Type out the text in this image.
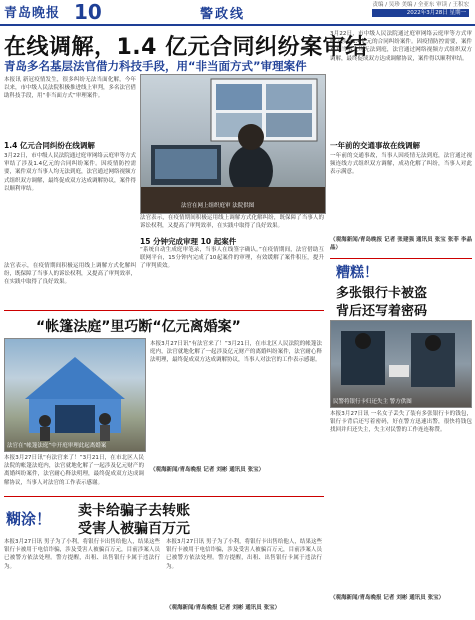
青岛晚报 10	警政线
责编 / 吴珍 美编 / 全亚东 审读 / 王积宏
2022年3月28日 星期一
在线调解，1.4 亿元合同纠纷案审结
青岛多名基层法官借力科技手段，用“非当面方式”审理案件
本报讯 新冠疫情发生，很多纠纷无法当面化解，今年以来，市中级人民法院积极推进线上审判，多名法官借助科技手段，用“非当面方式”审理案件。
1.4 亿元合同纠纷在线调解
3月22日，市中级人民法院通过庭审网络云庭审等方式审结了涉及1.4亿元的合同纠纷案件。因疫情防控需要，案件双方当事人均无法到庭，法官通过网络视频方式组织双方调解，最终促成双方达成调解协议，案件得以顺利审结。
法官在网上组织庭审 法院供图
法官表示，在疫情期间积极运用线上调解方式化解纠纷，既保障了当事人的诉讼权利，又提高了审判效率，在实践中取得了良好效果。
15 分钟完成审理 10 起案件
“系统自动生成庭审笔录，当事人在线签字确认。”在疫情期间，法官借助互联网平台，15分钟内完成了10起案件的审理，有效缓解了案件积压，提升了审判质效。
3月22日，市中级人民法院通过庭审网络云庭审等方式审结了涉及1.4亿元的合同纠纷案件。因疫情防控需要，案件双方当事人均无法到庭，法官通过网络视频方式组织双方调解，最终促成双方达成调解协议，案件得以顺利审结。
一年前的交通事故在线调解
一年前的交通事故，当事人因疫情无法到庭，法官通过视频连线方式组织双方调解，成功化解了纠纷，当事人对此表示满意。
（观海新闻/青岛晚报 记者 张建强 通讯员 张宝 张菲 李晶晶）
法官表示，在疫情期间积极运用线上调解方式化解纠纷，既保障了当事人的诉讼权利，又提高了审判效率，在实践中取得了良好效果。
“帐篷法庭”里巧断“亿元离婚案”
法官在“帐篷法庭”中开庭审理此起离婚案
本报3月27日讯“有法官来了！”3月21日，在市北区人民法院的帐篷法庭内，法官就地化解了一起涉及亿元财产的离婚纠纷案件，法官耐心释法明理，最终促成双方达成调解协议，当事人对法官的工作表示感谢。
本报3月27日讯“有法官来了！”3月21日，在市北区人民法院的帐篷法庭内，法官就地化解了一起涉及亿元财产的离婚纠纷案件，法官耐心释法明理，最终促成双方达成调解协议，当事人对法官的工作表示感谢。
（观海新闻/青岛晚报 记者 刘彬 通讯员 张宝）
糟糕！
多张银行卡被盗
背后还写着密码
民警将银行卡归还失主 警方供图
本报3月27日讯 一名女子丢失了装有多张银行卡的钱包，银行卡背后还写着密码，好在警方迅速出警，很快将钱包找回并归还失主，失主对民警的工作连连称赞。
（观海新闻/青岛晚报 记者 刘彬 通讯员 张宝）
糊涂！ 卖卡给骗子去转账
受害人被骗百万元
本报3月27日讯 男子为了小利，将银行卡出售给他人，结果这些银行卡被用于电信诈骗，涉及受害人被骗百万元，目前涉案人员已被警方依法处理。警方提醒，出租、出售银行卡属于违法行为。
本报3月27日讯 男子为了小利，将银行卡出售给他人，结果这些银行卡被用于电信诈骗，涉及受害人被骗百万元，目前涉案人员已被警方依法处理。警方提醒，出租、出售银行卡属于违法行为。
（观海新闻/青岛晚报 记者 刘彬 通讯员 张宝）
